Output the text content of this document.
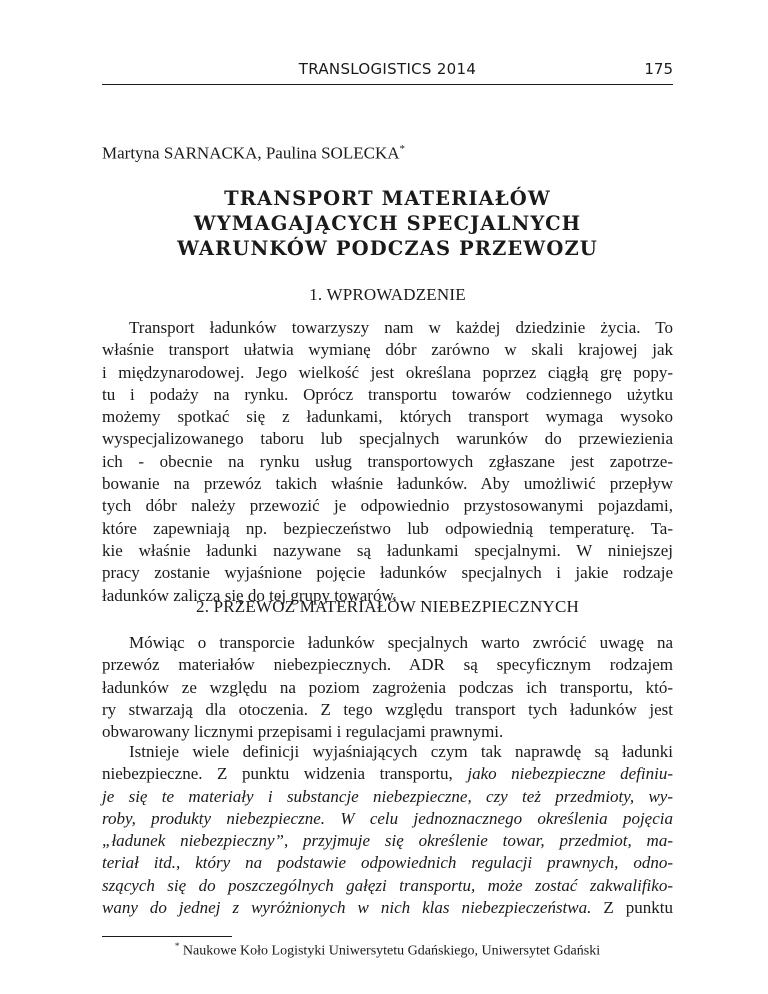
TRANSLOGISTICS 2014	175
Martyna SARNACKA, Paulina SOLECKA*
TRANSPORT MATERIAŁÓW
WYMAGAJĄCYCH SPECJALNYCH
WARUNKÓW PODCZAS PRZEWOZU
1. WPROWADZENIE
Transport ładunków towarzyszy nam w każdej dziedzinie życia. To
właśnie transport ułatwia wymianę dóbr zarówno w skali krajowej jak
i międzynarodowej. Jego wielkość jest określana poprzez ciągłą grę popy-
tu i podaży na rynku. Oprócz transportu towarów codziennego użytku
możemy spotkać się z ładunkami, których transport wymaga wysoko
wyspecjalizowanego taboru lub specjalnych warunków do przewiezienia
ich - obecnie na rynku usług transportowych zgłaszane jest zapotrze-
bowanie na przewóz takich właśnie ładunków. Aby umożliwić przepływ
tych dóbr należy przewozić je odpowiednio przystosowanymi pojazdami,
które zapewniają np. bezpieczeństwo lub odpowiednią temperaturę. Ta-
kie właśnie ładunki nazywane są ładunkami specjalnymi. W niniejszej
pracy zostanie wyjaśnione pojęcie ładunków specjalnych i jakie rodzaje
ładunków zalicza się do tej grupy towarów.
2. PRZEWÓZ MATERIAŁÓW NIEBEZPIECZNYCH
Mówiąc o transporcie ładunków specjalnych warto zwrócić uwagę na
przewóz materiałów niebezpiecznych. ADR są specyficznym rodzajem
ładunków ze względu na poziom zagrożenia podczas ich transportu, któ-
ry stwarzają dla otoczenia. Z tego względu transport tych ładunków jest
obwarowany licznymi przepisami i regulacjami prawnymi.
Istnieje wiele definicji wyjaśniających czym tak naprawdę są ładunki
niebezpieczne. Z punktu widzenia transportu, jako niebezpieczne definiu-
je się te materiały i substancje niebezpieczne, czy też przedmioty, wy-
roby, produkty niebezpieczne. W celu jednoznacznego określenia pojęcia
„ładunek niebezpieczny”, przyjmuje się określenie towar, przedmiot, ma-
teriał itd., który na podstawie odpowiednich regulacji prawnych, odno-
szących się do poszczególnych gałęzi transportu, może zostać zakwalifiko-
wany do jednej z wyróżnionych w nich klas niebezpieczeństwa. Z punktu
* Naukowe Koło Logistyki Uniwersytetu Gdańskiego, Uniwersytet Gdański
